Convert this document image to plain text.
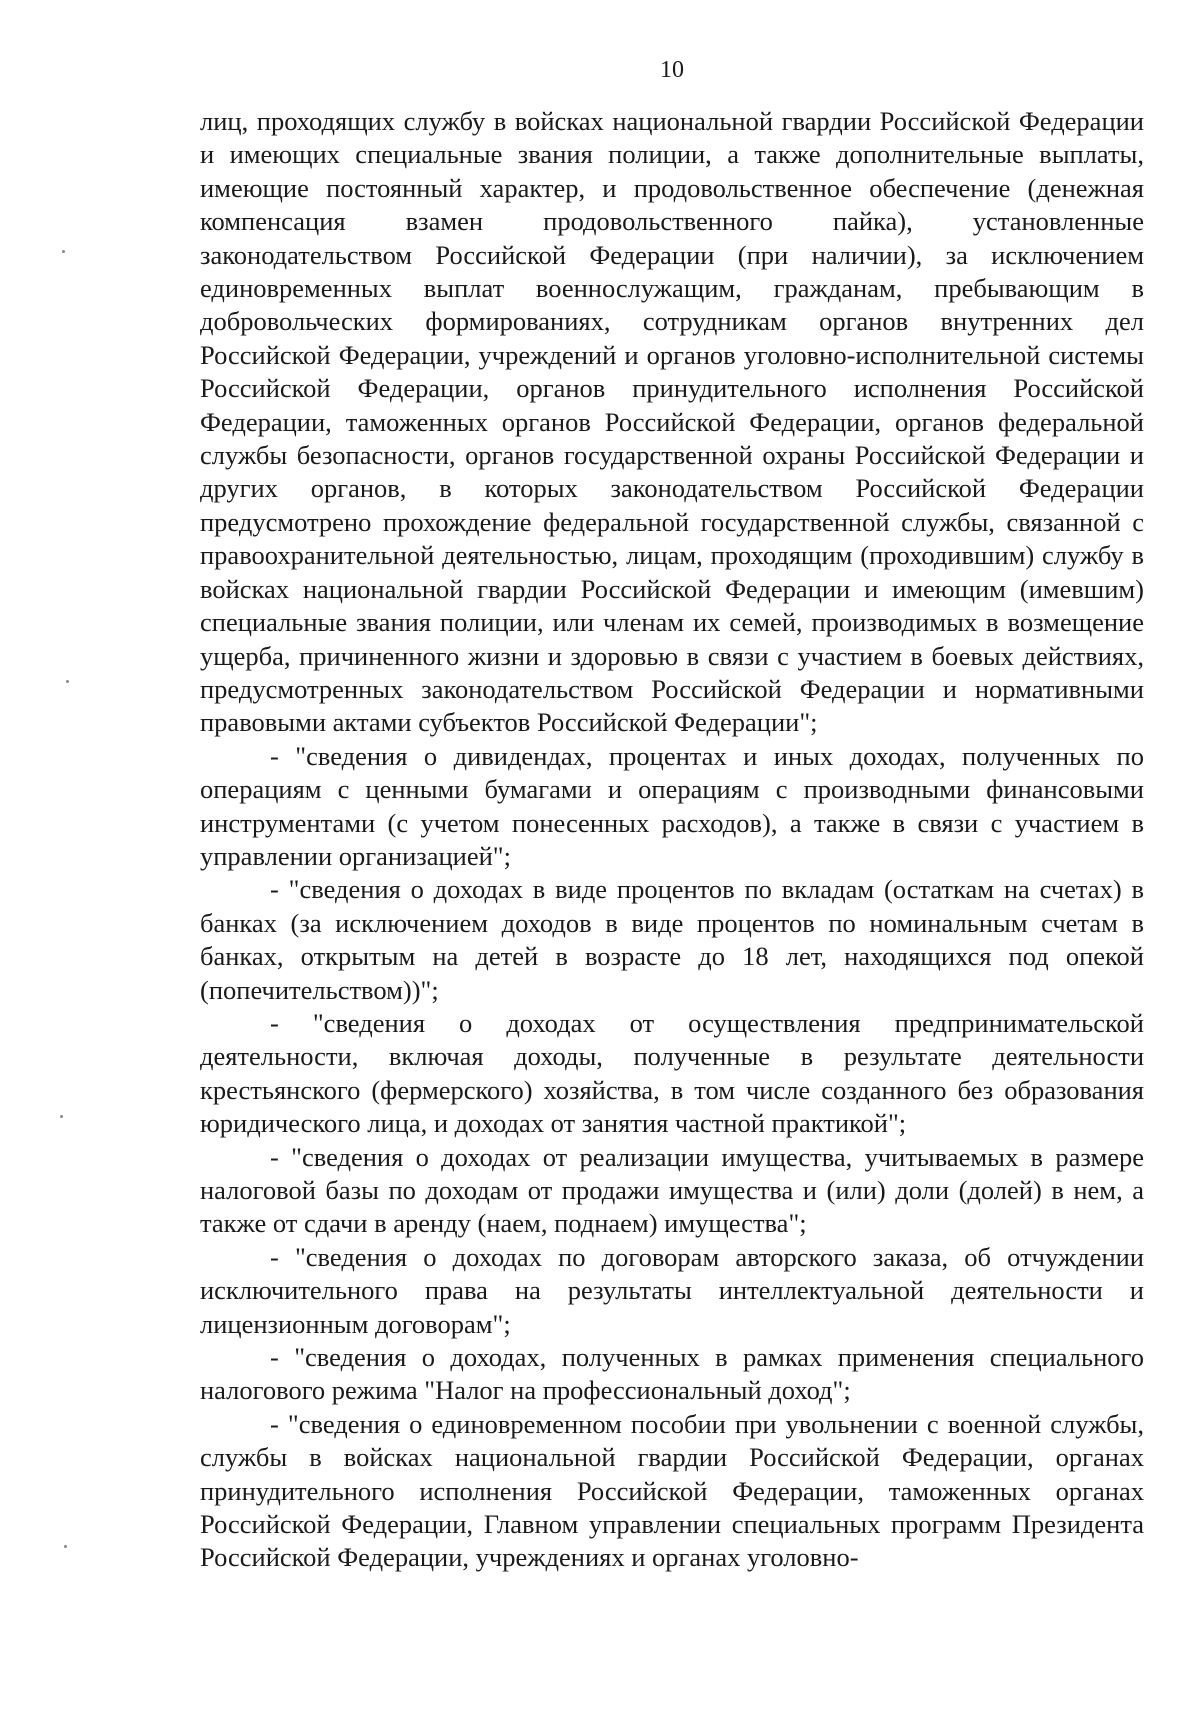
10

лиц, проходящих службу в войсках национальной гвардии Российской Федерации и имеющих специальные звания полиции, а также дополнительные выплаты, имеющие постоянный характер, и продовольственное обеспечение (денежная компенсация взамен продовольственного пайка), установленные законодательством Российской Федерации (при наличии), за исключением единовременных выплат военнослужащим, гражданам, пребывающим в добровольческих формированиях, сотрудникам органов внутренних дел Российской Федерации, учреждений и органов уголовно-исполнительной системы Российской Федерации, органов принудительного исполнения Российской Федерации, таможенных органов Российской Федерации, органов федеральной службы безопасности, органов государственной охраны Российской Федерации и других органов, в которых законодательством Российской Федерации предусмотрено прохождение федеральной государственной службы, связанной с правоохранительной деятельностью, лицам, проходящим (проходившим) службу в войсках национальной гвардии Российской Федерации и имеющим (имевшим) специальные звания полиции, или членам их семей, производимых в возмещение ущерба, причиненного жизни и здоровью в связи с участием в боевых действиях, предусмотренных законодательством Российской Федерации и нормативными правовыми актами субъектов Российской Федерации";

- "сведения о дивидендах, процентах и иных доходах, полученных по операциям с ценными бумагами и операциям с производными финансовыми инструментами (с учетом понесенных расходов), а также в связи с участием в управлении организацией";

- "сведения о доходах в виде процентов по вкладам (остаткам на счетах) в банках (за исключением доходов в виде процентов по номинальным счетам в банках, открытым на детей в возрасте до 18 лет, находящихся под опекой (попечительством))";

- "сведения о доходах от осуществления предпринимательской деятельности, включая доходы, полученные в результате деятельности крестьянского (фермерского) хозяйства, в том числе созданного без образования юридического лица, и доходах от занятия частной практикой";

- "сведения о доходах от реализации имущества, учитываемых в размере налоговой базы по доходам от продажи имущества и (или) доли (долей) в нем, а также от сдачи в аренду (наем, поднаем) имущества";

- "сведения о доходах по договорам авторского заказа, об отчуждении исключительного права на результаты интеллектуальной деятельности и лицензионным договорам";

- "сведения о доходах, полученных в рамках применения специального налогового режима "Налог на профессиональный доход";

- "сведения о единовременном пособии при увольнении с военной службы, службы в войсках национальной гвардии Российской Федерации, органах принудительного исполнения Российской Федерации, таможенных органах Российской Федерации, Главном управлении специальных программ Президента Российской Федерации, учреждениях и органах уголовно-
